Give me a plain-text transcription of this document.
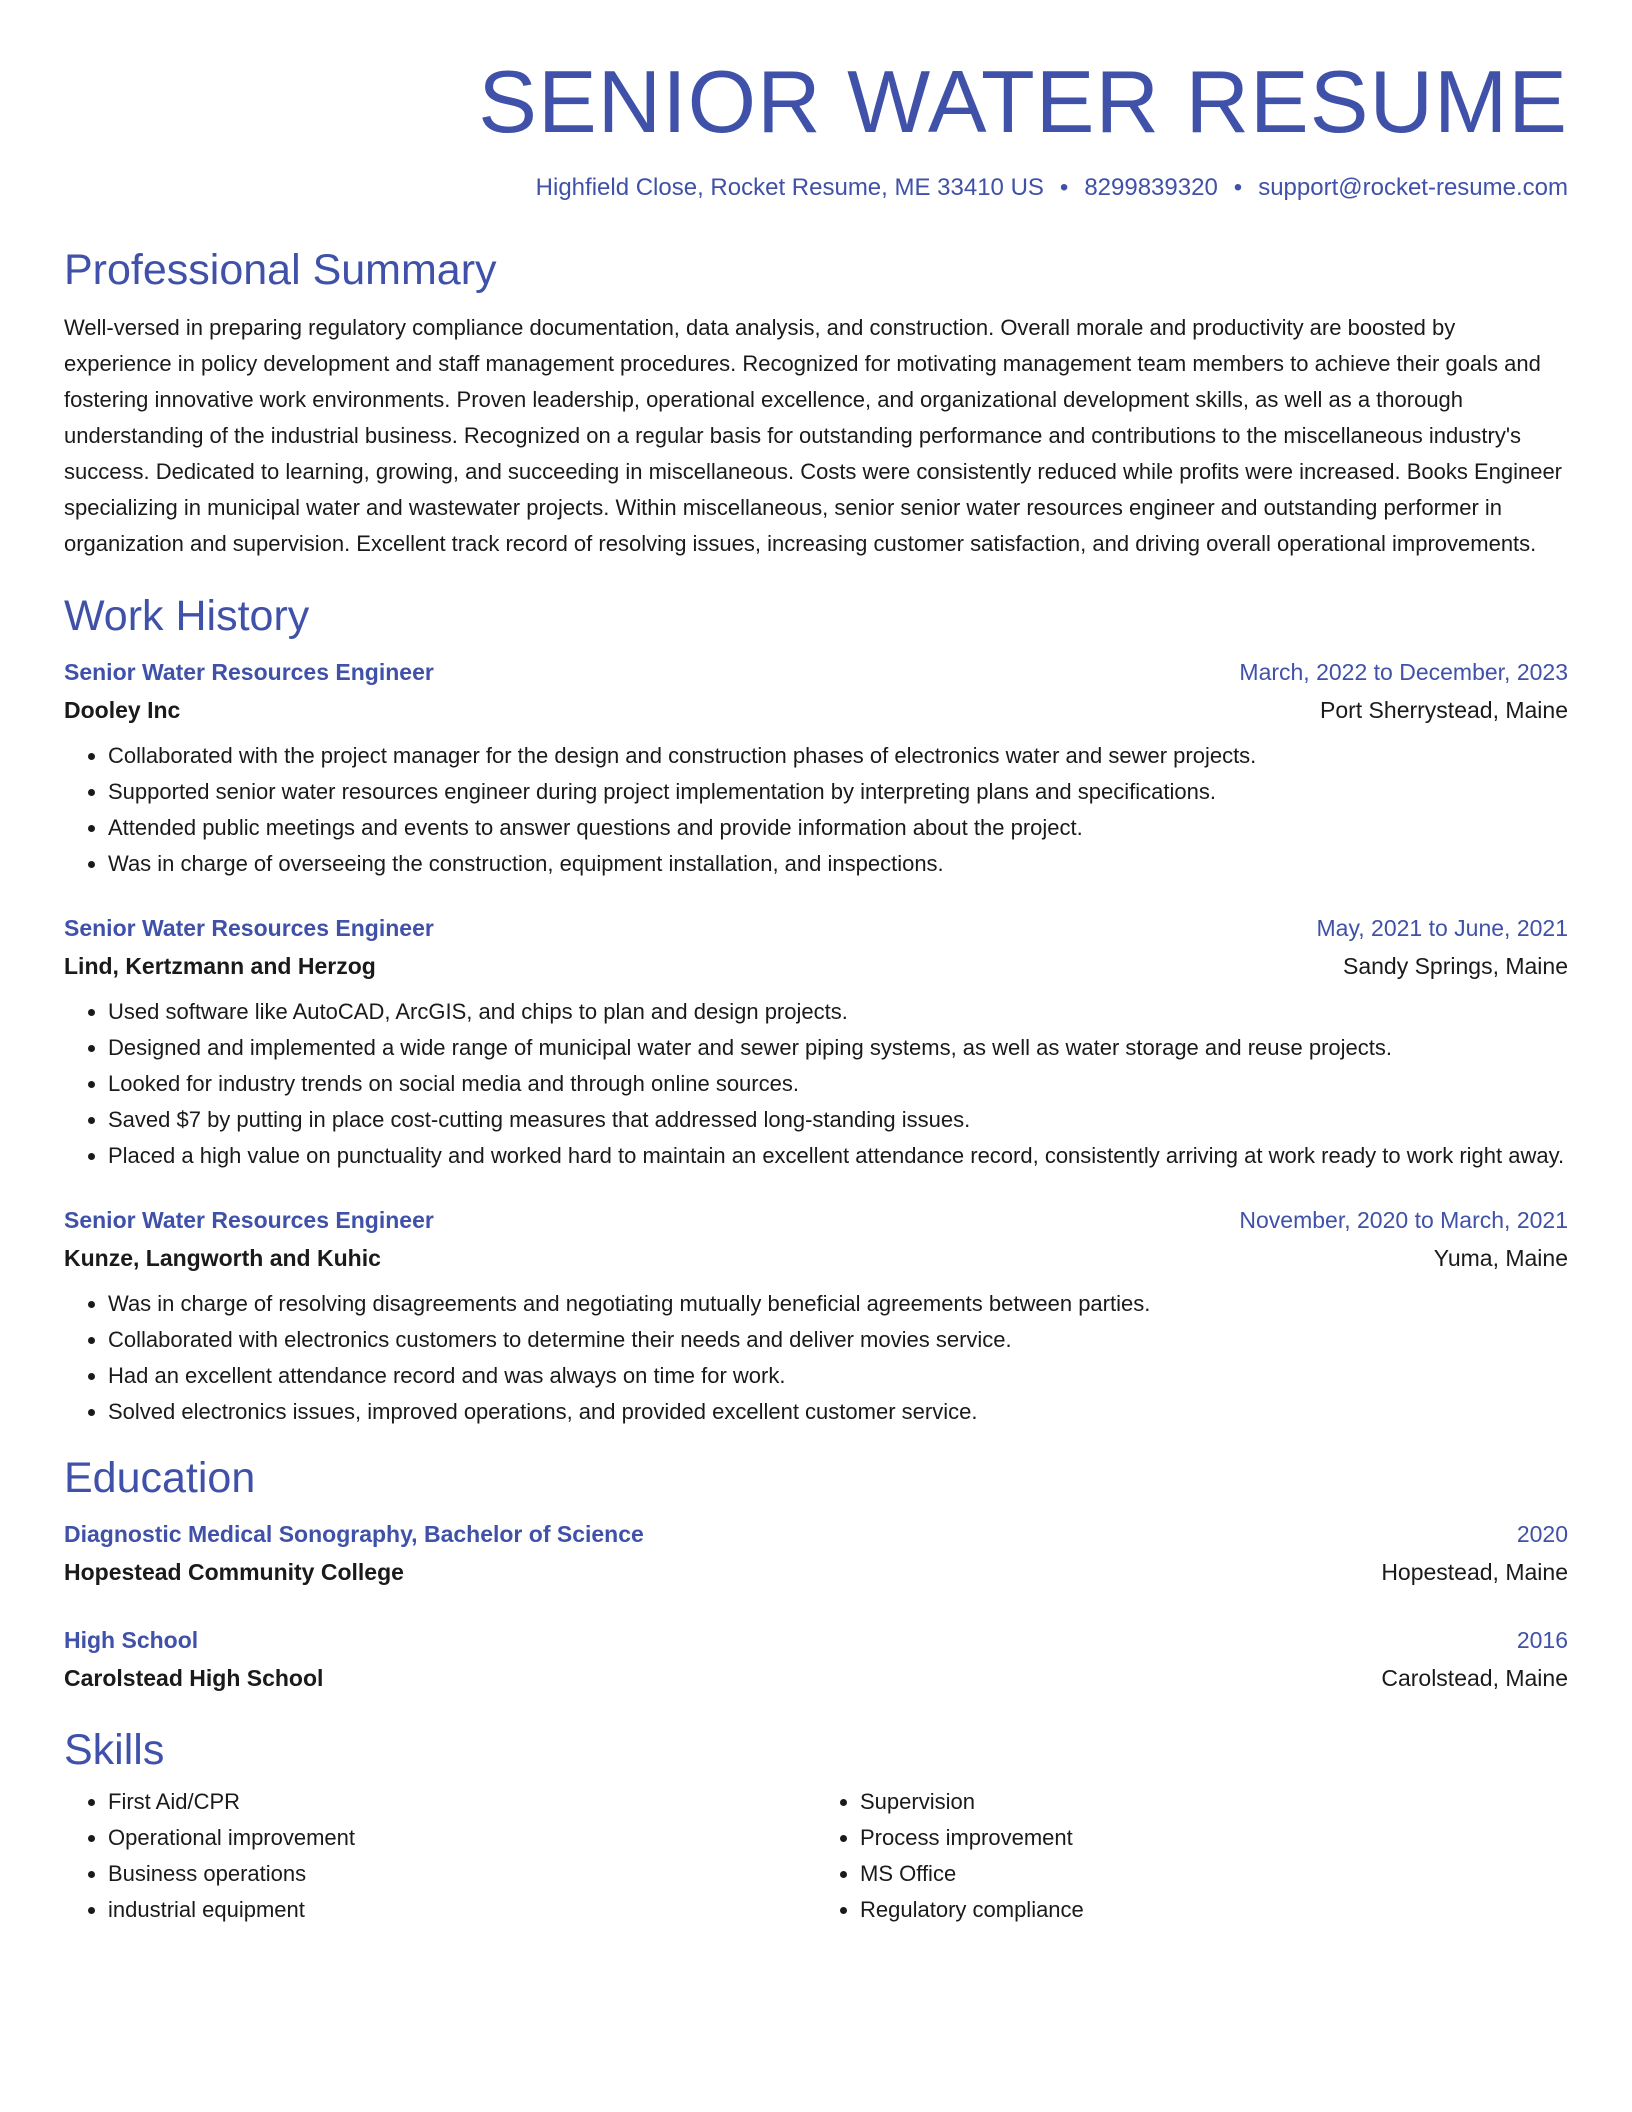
SENIOR WATER RESUME
Highfield Close, Rocket Resume, ME 33410 US • 8299839320 • support@rocket-resume.com
Professional Summary

Well-versed in preparing regulatory compliance documentation, data analysis, and construction. Overall morale and productivity are boosted by experience in policy development and staff management procedures. Recognized for motivating management team members to achieve their goals and fostering innovative work environments. Proven leadership, operational excellence, and organizational development skills, as well as a thorough understanding of the industrial business. Recognized on a regular basis for outstanding performance and contributions to the miscellaneous industry's success. Dedicated to learning, growing, and succeeding in miscellaneous. Costs were consistently reduced while profits were increased. Books Engineer specializing in municipal water and wastewater projects. Within miscellaneous, senior senior water resources engineer and outstanding performer in organization and supervision. Excellent track record of resolving issues, increasing customer satisfaction, and driving overall operational improvements.

Work History
Senior Water Resources Engineer	March, 2022 to December, 2023
Dooley Inc	Port Sherrystead, Maine
• Collaborated with the project manager for the design and construction phases of electronics water and sewer projects.
• Supported senior water resources engineer during project implementation by interpreting plans and specifications.
• Attended public meetings and events to answer questions and provide information about the project.
• Was in charge of overseeing the construction, equipment installation, and inspections.
Senior Water Resources Engineer	May, 2021 to June, 2021
Lind, Kertzmann and Herzog	Sandy Springs, Maine
• Used software like AutoCAD, ArcGIS, and chips to plan and design projects.
• Designed and implemented a wide range of municipal water and sewer piping systems, as well as water storage and reuse projects.
• Looked for industry trends on social media and through online sources.
• Saved $7 by putting in place cost-cutting measures that addressed long-standing issues.
• Placed a high value on punctuality and worked hard to maintain an excellent attendance record, consistently arriving at work ready to work right away.
Senior Water Resources Engineer	November, 2020 to March, 2021
Kunze, Langworth and Kuhic	Yuma, Maine
• Was in charge of resolving disagreements and negotiating mutually beneficial agreements between parties.
• Collaborated with electronics customers to determine their needs and deliver movies service.
• Had an excellent attendance record and was always on time for work.
• Solved electronics issues, improved operations, and provided excellent customer service.
Education
Diagnostic Medical Sonography, Bachelor of Science	2020
Hopestead Community College	Hopestead, Maine
High School	2016
Carolstead High School	Carolstead, Maine
Skills
• First Aid/CPR
• Operational improvement
• Business operations
• industrial equipment
• Supervision
• Process improvement
• MS Office
• Regulatory compliance
